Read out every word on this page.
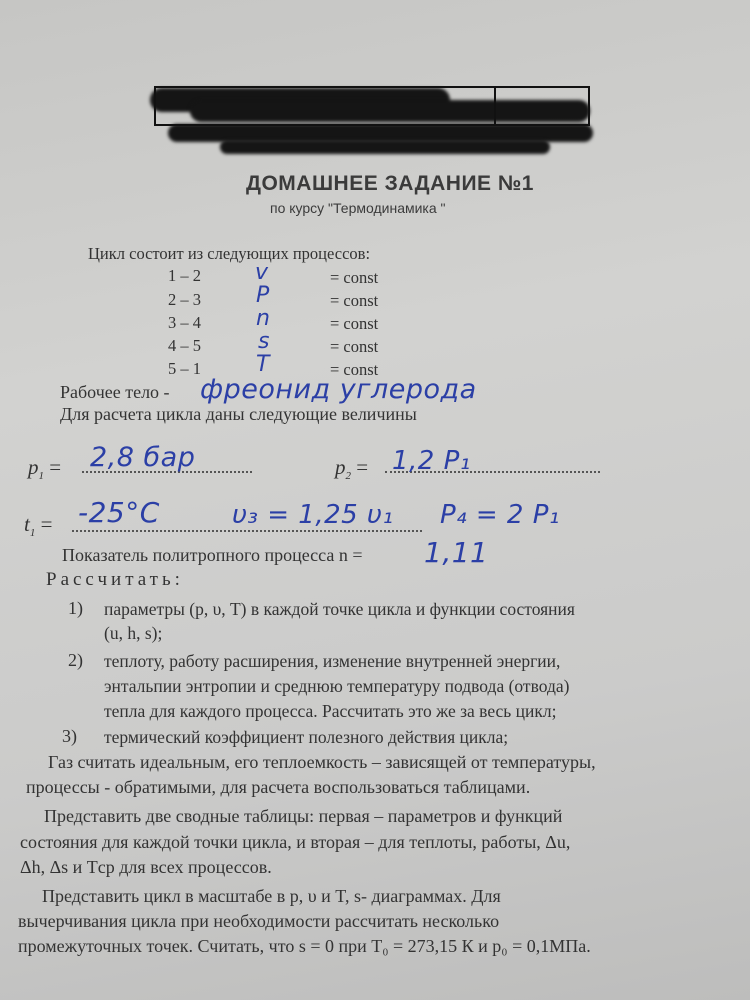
ДОМАШНЕЕ ЗАДАНИЕ №1
по курсу "Термодинамика "
Цикл состоит из следующих процессов:
1 – 2 v	= const
2 – 3	P	= const
3 – 4	n	= const
4 – 5	s	= const
5 – 1	T	= const
Рабочее тело - фреонид углерода
Для расчета цикла даны следующие величины
$p_1 = 2,8$ бар	$p_2 = 1,2$ P₁
$t_1 = -25^\circ C$	υ₃ = 1,25 υ₁ P₄ = 2 P₁
Показатель политропного процесса n = 1,11
Рассчитать:
1) параметры (p, υ, T) в каждой точке цикла и функции состояния
(u, h, s);
2) теплоту, работу расширения, изменение внутренней энергии,
энтальпии энтропии и среднюю температуру подвода (отвода)
тепла для каждого процесса. Рассчитать это же за весь цикл;
3) термический коэффициент полезного действия цикла;
Газ считать идеальным, его теплоемкость – зависящей от температуры,
процессы - обратимыми, для расчета воспользоваться таблицами.
Представить две сводные таблицы: первая – параметров и функций
состояния для каждой точки цикла, и вторая – для теплоты, работы, Δu,
Δh, Δs и Tср для всех процессов.
Представить цикл в масштабе в p, υ и T, s- диаграммах. Для
вычерчивания цикла при необходимости рассчитать несколько
промежуточных точек. Считать, что s = 0 при T₀ = 273,15 К и p₀ = 0,1МПа.
